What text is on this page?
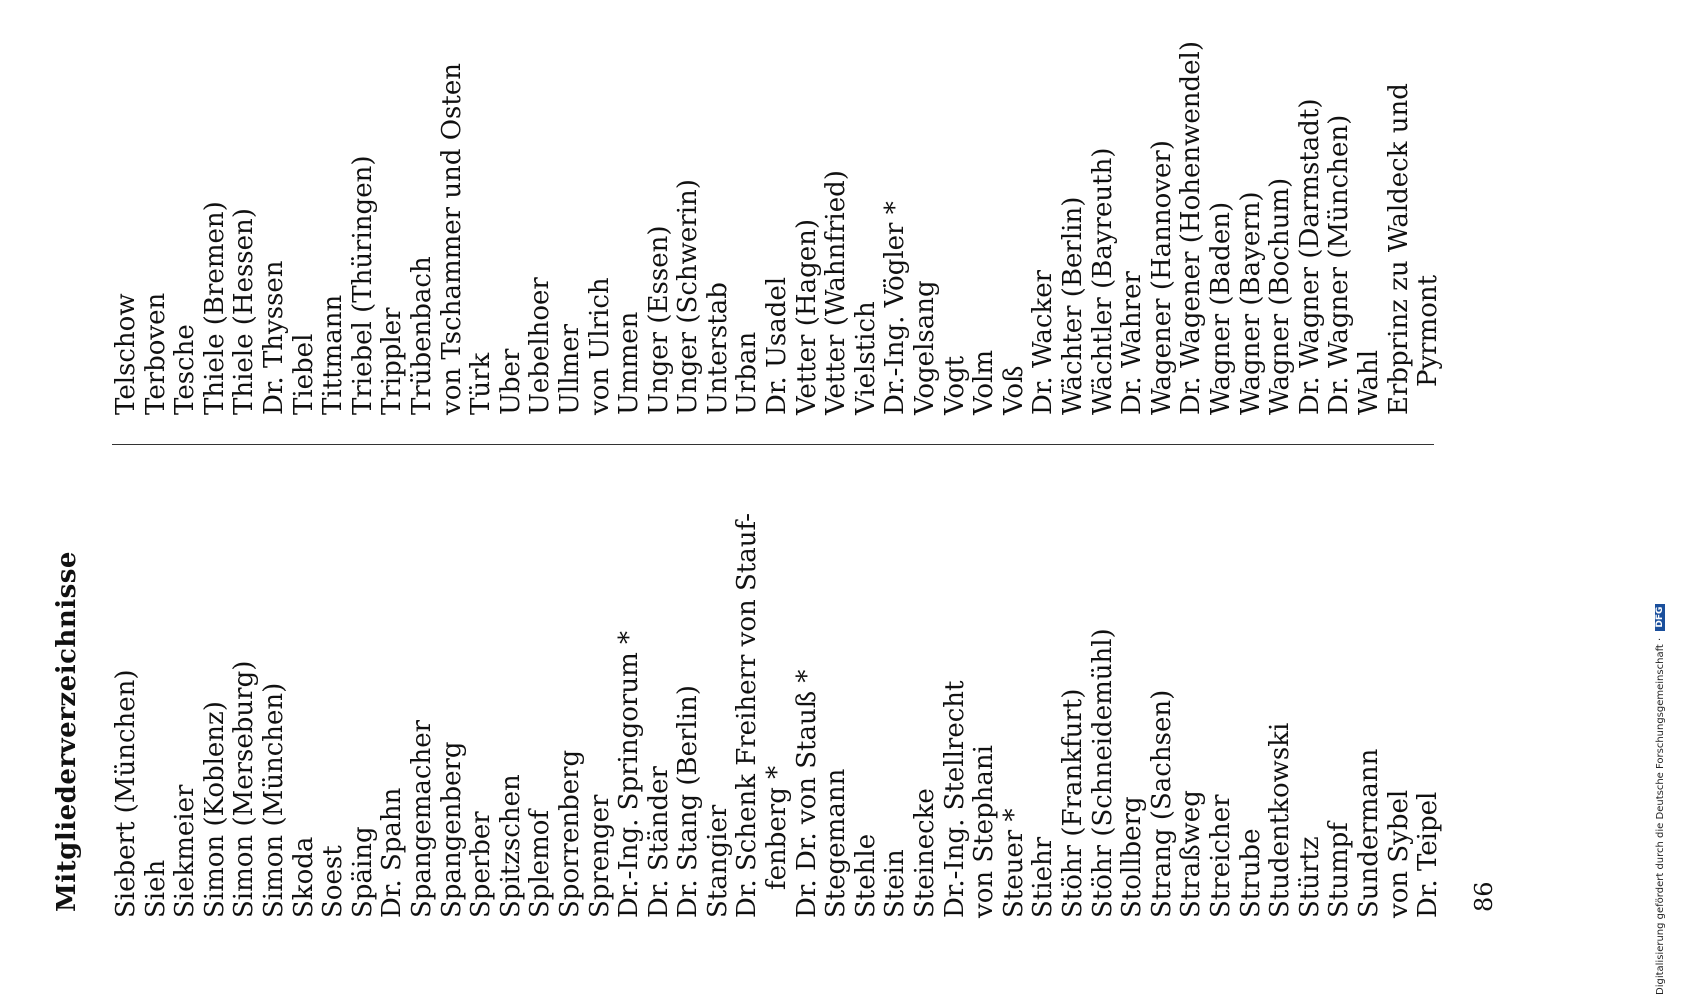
Mitgliederverzeichnisse Siebert (München) Sieh Siekmeier Simon (Koblenz) Simon (Merseburg) Simon (München) Skoda Soest Späing Dr. Spahn Spangemacher Spangenberg Sperber Spitzschen Splemof Sporrenberg Sprenger Dr.-Ing. Springorum * Dr. Ständer Dr. Stang (Berlin) Stangier Dr. Schenk Freiherr von Stauf- fenberg * Dr. Dr. von Stauß * Stegemann Stehle Stein Steinecke Dr.-Ing. Stellrecht von Stephani Steuer * Stiehr Stöhr (Frankfurt) Stöhr (Schneidemühl) Stollberg Strang (Sachsen) Straßweg Streicher Strube Studentkowski Stürtz Stumpf Sundermann von Sybel Dr. Teipel
Telschow Terboven Tesche Thiele (Bremen) Thiele (Hessen) Dr. Thyssen Tiebel Tittmann Triebel (Thüringen) Trippler Trübenbach von Tschammer und Osten Türk Uber Uebelhoer Ullmer von Ulrich Ummen Unger (Essen) Unger (Schwerin) Unterstab Urban Dr. Usadel Vetter (Hagen) Vetter (Wahnfried) Vielstich Dr.-Ing. Vögler * Vogelsang Vogt Volm Voß Dr. Wacker Wächter (Berlin) Wächtler (Bayreuth) Dr. Wahrer Wagener (Hannover) Dr. Wagener (Hohenwendel) Wagner (Baden) Wagner (Bayern) Wagner (Bochum) Dr. Wagner (Darmstadt) Dr. Wagner (München) Wahl Erbprinz zu Waldeck und Pyrmont
86	Digitalisierung gefördert durch die Deutsche Forschungsgemeinschaft · DFG
